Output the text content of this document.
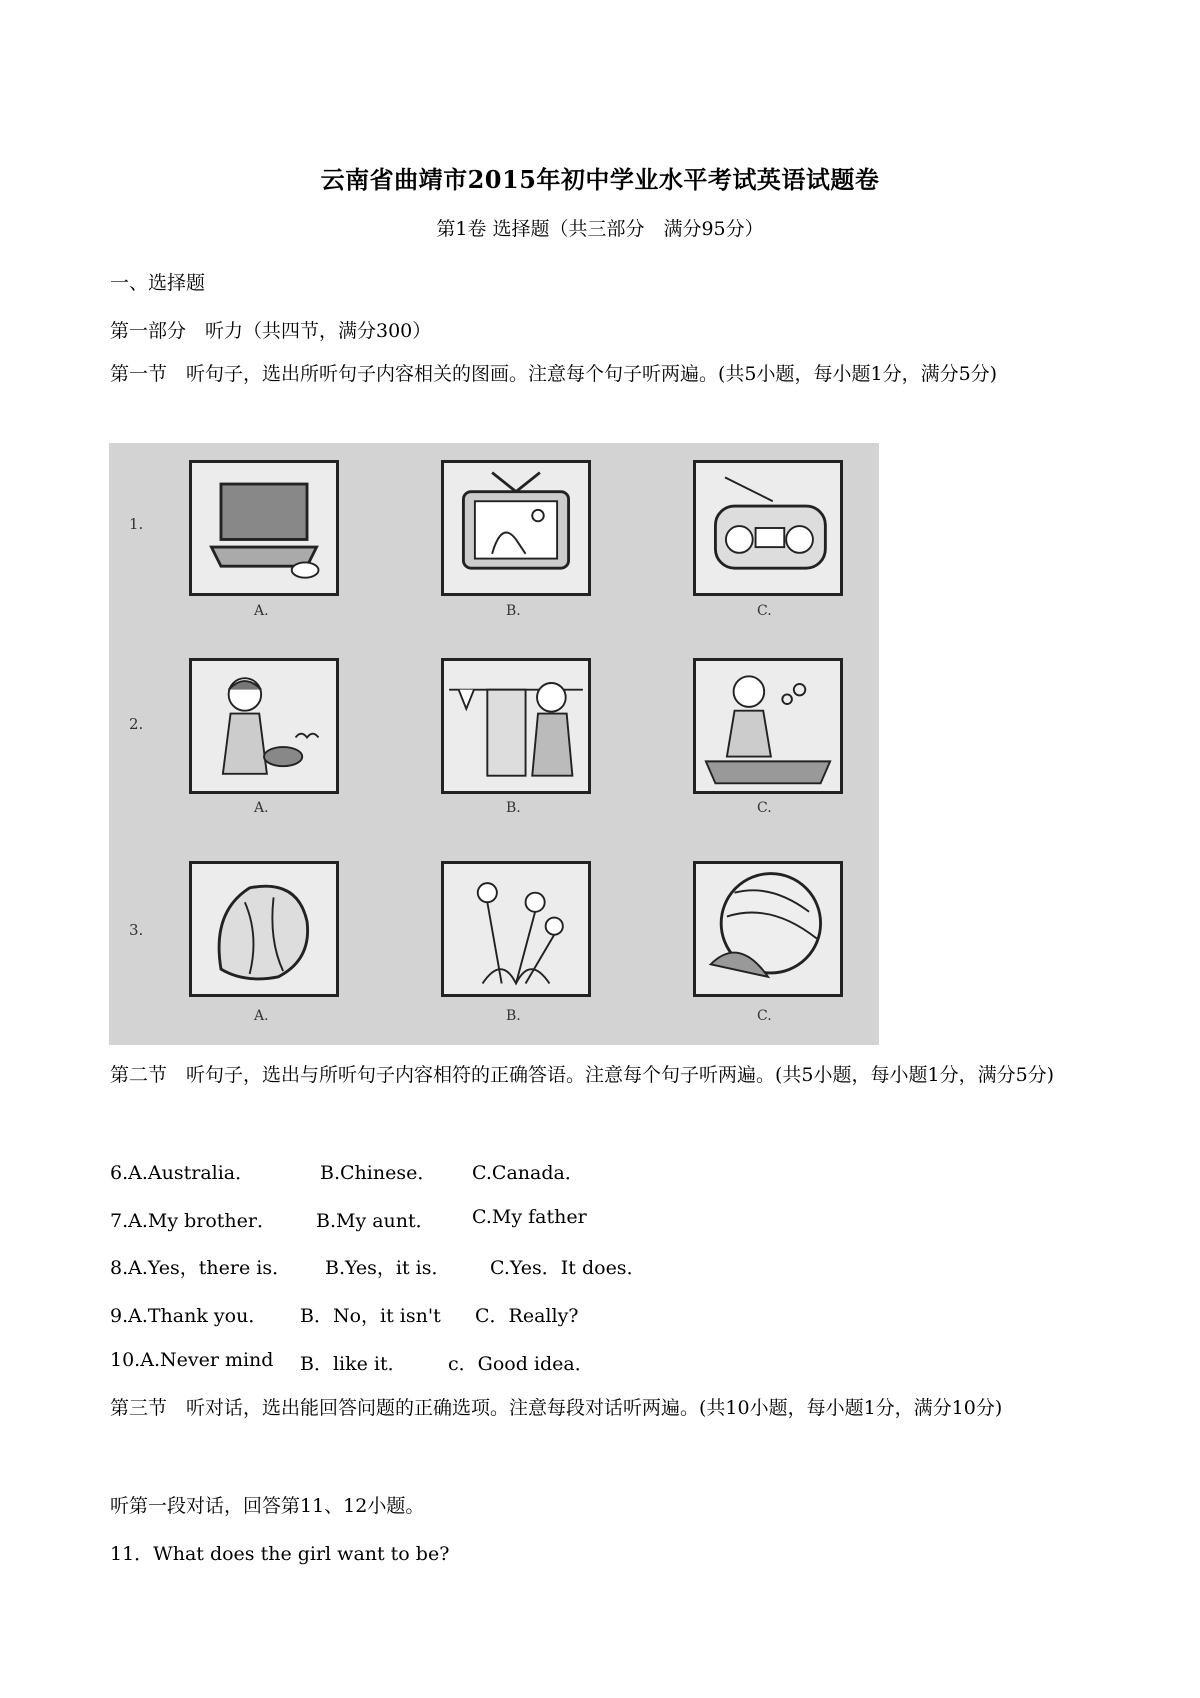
云南省曲靖市2015年初中学业水平考试英语试题卷
第1卷 选择题（共三部分　满分95分）
一、选择题
第一部分　听力（共四节，满分300）
第一节　听句子，选出所听句子内容相关的图画。注意每个句子听两遍。(共5小题，每小题1分，满分5分)
1.
A.	B.	C.
2.
A.	B.	C.
3.
A.	B.	C.
第二节　听句子，选出与所听句子内容相符的正确答语。注意每个句子听两遍。(共5小题，每小题1分，满分5分)
6.A.Australia．	B.Chinese． C.Canada．
7.A.My brother． B.My aunt． C.My father
8.A.Yes，there is． B.Yes，it is． C.Yes．It does．
9.A.Thank you． B．No，it isn't C．Really?
10.A.Never mind B．like it． c．Good idea．
第三节　听对话，选出能回答问题的正确选项。注意每段对话听两遍。(共10小题，每小题1分，满分10分)
听第一段对话，回答第11、12小题。
11．What does the girl want to be?
